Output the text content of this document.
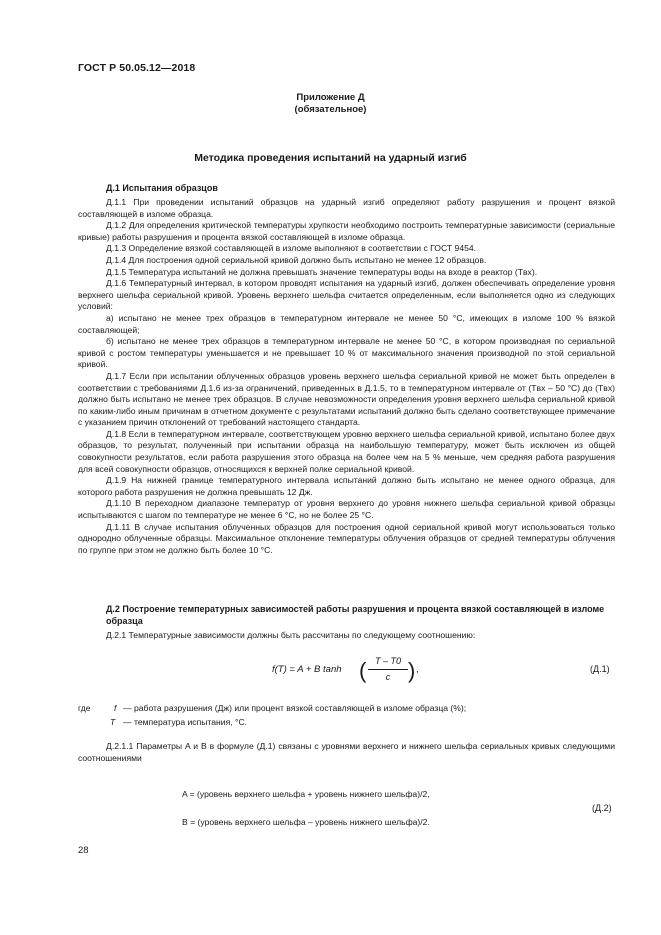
ГОСТ Р 50.05.12—2018
Приложение Д
(обязательное)
Методика проведения испытаний на ударный изгиб
Д.1 Испытания образцов

Д.1.1 При проведении испытаний образцов на ударный изгиб определяют работу разрушения и процент вязкой составляющей в изломе образца.

Д.1.2 Для определения критической температуры хрупкости необходимо построить температурные зависимости (сериальные кривые) работы разрушения и процента вязкой составляющей в изломе образца.

Д.1.3 Определение вязкой составляющей в изломе выполняют в соответствии с ГОСТ 9454.

Д.1.4 Для построения одной сериальной кривой должно быть испытано не менее 12 образцов.

Д.1.5 Температура испытаний не должна превышать значение температуры воды на входе в реактор (Tвх).

Д.1.6 Температурный интервал, в котором проводят испытания на ударный изгиб, должен обеспечивать определение уровня верхнего шельфа сериальной кривой. Уровень верхнего шельфа считается определенным, если выполняется одно из следующих условий:

а) испытано не менее трех образцов в температурном интервале не менее 50 °С, имеющих в изломе 100 % вязкой составляющей;

б) испытано не менее трех образцов в температурном интервале не менее 50 °С, в котором производная по сериальной кривой с ростом температуры уменьшается и не превышает 10 % от максимального значения производной по этой сериальной кривой.

Д.1.7 Если при испытании облученных образцов уровень верхнего шельфа сериальной кривой не может быть определен в соответствии с требованиями Д.1.6 из-за ограничений, приведенных в Д.1.5, то в температурном интервале от (Tвх – 50 °С) до (Tвх) должно быть испытано не менее трех образцов. В случае невозможности определения уровня верхнего шельфа сериальной кривой по каким-либо иным причинам в отчетном документе с результатами испытаний должно быть сделано соответствующее примечание с указанием причин отклонений от требований настоящего стандарта.

Д.1.8 Если в температурном интервале, соответствующем уровню верхнего шельфа сериальной кривой, испытано более двух образцов, то результат, полученный при испытании образца на наибольшую температуру, может быть исключен из общей совокупности результатов, если работа разрушения этого образца на более чем на 5 % меньше, чем средняя работа разрушения для всей совокупности образцов, относящихся к верхней полке сериальной кривой.

Д.1.9 На нижней границе температурного интервала испытаний должно быть испытано не менее одного образца, для которого работа разрушения не должна превышать 12 Дж.

Д.1.10 В переходном диапазоне температур от уровня верхнего до уровня нижнего шельфа сериальной кривой образцы испытываются с шагом по температуре не менее 6 °С, но не более 25 °С.

Д.1.11 В случае испытания облученных образцов для построения одной сериальной кривой могут использоваться только однородно облученные образцы. Максимальное отклонение температуры облучения образцов от средней температуры облучения по группе при этом не должно быть более 10 °С.

Д.2 Построение температурных зависимостей работы разрушения и процента вязкой составляющей в изломе образца

Д.2.1 Температурные зависимости должны быть рассчитаны по следующему соотношению:

f(T) = A + B tanh ( T – T0
c ) ,	(Д.1)
где	f — работа разрушения (Дж) или процент вязкой составляющей в изломе образца (%);
T — температура испытания, °С.

Д.2.1.1 Параметры A и B в формуле (Д.1) связаны с уровнями верхнего и нижнего шельфа сериальных кривых следующими соотношениями

A = (уровень верхнего шельфа + уровень нижнего шельфа)/2,
(Д.2)
B = (уровень верхнего шельфа – уровень нижнего шельфа)/2.
28
